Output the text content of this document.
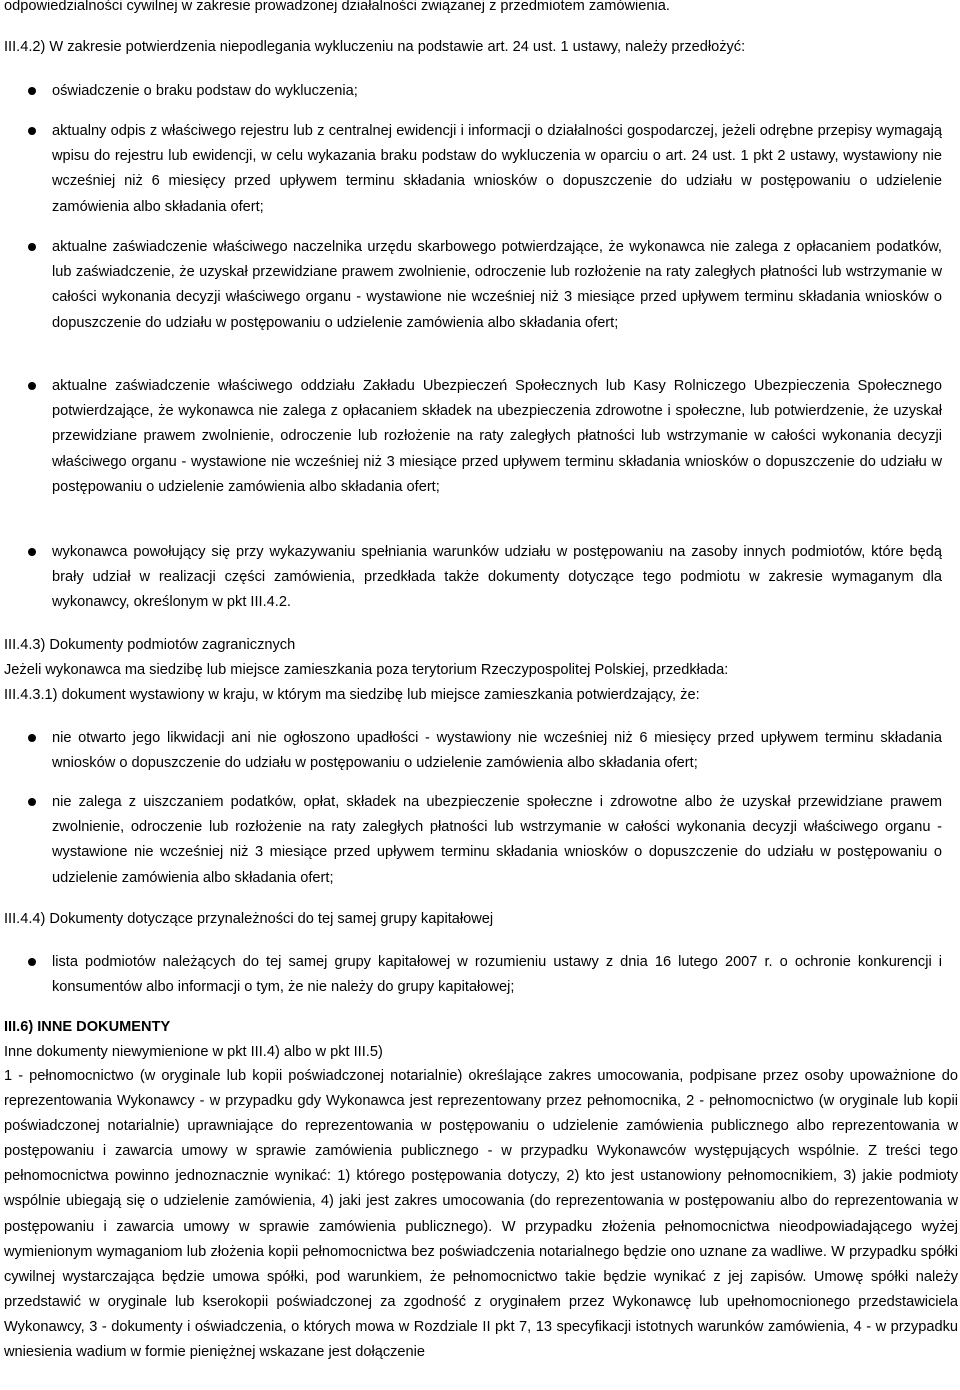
odpowiedzialności cywilnej w zakresie prowadzonej działalności związanej z przedmiotem zamówienia.
III.4.2) W zakresie potwierdzenia niepodlegania wykluczeniu na podstawie art. 24 ust. 1 ustawy, należy przedłożyć:
oświadczenie o braku podstaw do wykluczenia;
aktualny odpis z właściwego rejestru lub z centralnej ewidencji i informacji o działalności gospodarczej, jeżeli odrębne przepisy wymagają wpisu do rejestru lub ewidencji, w celu wykazania braku podstaw do wykluczenia w oparciu o art. 24 ust. 1 pkt 2 ustawy, wystawiony nie wcześniej niż 6 miesięcy przed upływem terminu składania wniosków o dopuszczenie do udziału w postępowaniu o udzielenie zamówienia albo składania ofert;
aktualne zaświadczenie właściwego naczelnika urzędu skarbowego potwierdzające, że wykonawca nie zalega z opłacaniem podatków, lub zaświadczenie, że uzyskał przewidziane prawem zwolnienie, odroczenie lub rozłożenie na raty zaległych płatności lub wstrzymanie w całości wykonania decyzji właściwego organu - wystawione nie wcześniej niż 3 miesiące przed upływem terminu składania wniosków o dopuszczenie do udziału w postępowaniu o udzielenie zamówienia albo składania ofert;
aktualne zaświadczenie właściwego oddziału Zakładu Ubezpieczeń Społecznych lub Kasy Rolniczego Ubezpieczenia Społecznego potwierdzające, że wykonawca nie zalega z opłacaniem składek na ubezpieczenia zdrowotne i społeczne, lub potwierdzenie, że uzyskał przewidziane prawem zwolnienie, odroczenie lub rozłożenie na raty zaległych płatności lub wstrzymanie w całości wykonania decyzji właściwego organu - wystawione nie wcześniej niż 3 miesiące przed upływem terminu składania wniosków o dopuszczenie do udziału w postępowaniu o udzielenie zamówienia albo składania ofert;
wykonawca powołujący się przy wykazywaniu spełniania warunków udziału w postępowaniu na zasoby innych podmiotów, które będą brały udział w realizacji części zamówienia, przedkłada także dokumenty dotyczące tego podmiotu w zakresie wymaganym dla wykonawcy, określonym w pkt III.4.2.
III.4.3) Dokumenty podmiotów zagranicznych
Jeżeli wykonawca ma siedzibę lub miejsce zamieszkania poza terytorium Rzeczypospolitej Polskiej, przedkłada:
III.4.3.1) dokument wystawiony w kraju, w którym ma siedzibę lub miejsce zamieszkania potwierdzający, że:
nie otwarto jego likwidacji ani nie ogłoszono upadłości - wystawiony nie wcześniej niż 6 miesięcy przed upływem terminu składania wniosków o dopuszczenie do udziału w postępowaniu o udzielenie zamówienia albo składania ofert;
nie zalega z uiszczaniem podatków, opłat, składek na ubezpieczenie społeczne i zdrowotne albo że uzyskał przewidziane prawem zwolnienie, odroczenie lub rozłożenie na raty zaległych płatności lub wstrzymanie w całości wykonania decyzji właściwego organu - wystawione nie wcześniej niż 3 miesiące przed upływem terminu składania wniosków o dopuszczenie do udziału w postępowaniu o udzielenie zamówienia albo składania ofert;
III.4.4) Dokumenty dotyczące przynależności do tej samej grupy kapitałowej
lista podmiotów należących do tej samej grupy kapitałowej w rozumieniu ustawy z dnia 16 lutego 2007 r. o ochronie konkurencji i konsumentów albo informacji o tym, że nie należy do grupy kapitałowej;
III.6) INNE DOKUMENTY
Inne dokumenty niewymienione w pkt III.4) albo w pkt III.5)
1 - pełnomocnictwo (w oryginale lub kopii poświadczonej notarialnie) określające zakres umocowania, podpisane przez osoby upoważnione do reprezentowania Wykonawcy - w przypadku gdy Wykonawca jest reprezentowany przez pełnomocnika, 2 - pełnomocnictwo (w oryginale lub kopii poświadczonej notarialnie) uprawniające do reprezentowania w postępowaniu o udzielenie zamówienia publicznego albo reprezentowania w postępowaniu i zawarcia umowy w sprawie zamówienia publicznego - w przypadku Wykonawców występujących wspólnie. Z treści tego pełnomocnictwa powinno jednoznacznie wynikać: 1) którego postępowania dotyczy, 2) kto jest ustanowiony pełnomocnikiem, 3) jakie podmioty wspólnie ubiegają się o udzielenie zamówienia, 4) jaki jest zakres umocowania (do reprezentowania w postępowaniu albo do reprezentowania w postępowaniu i zawarcia umowy w sprawie zamówienia publicznego). W przypadku złożenia pełnomocnictwa nieodpowiadającego wyżej wymienionym wymaganiom lub złożenia kopii pełnomocnictwa bez poświadczenia notarialnego będzie ono uznane za wadliwe. W przypadku spółki cywilnej wystarczająca będzie umowa spółki, pod warunkiem, że pełnomocnictwo takie będzie wynikać z jej zapisów. Umowę spółki należy przedstawić w oryginale lub kserokopii poświadczonej za zgodność z oryginałem przez Wykonawcę lub upełnomocnionego przedstawiciela Wykonawcy, 3 - dokumenty i oświadczenia, o których mowa w Rozdziale II pkt 7, 13 specyfikacji istotnych warunków zamówienia, 4 - w przypadku wniesienia wadium w formie pieniężnej wskazane jest dołączenie
